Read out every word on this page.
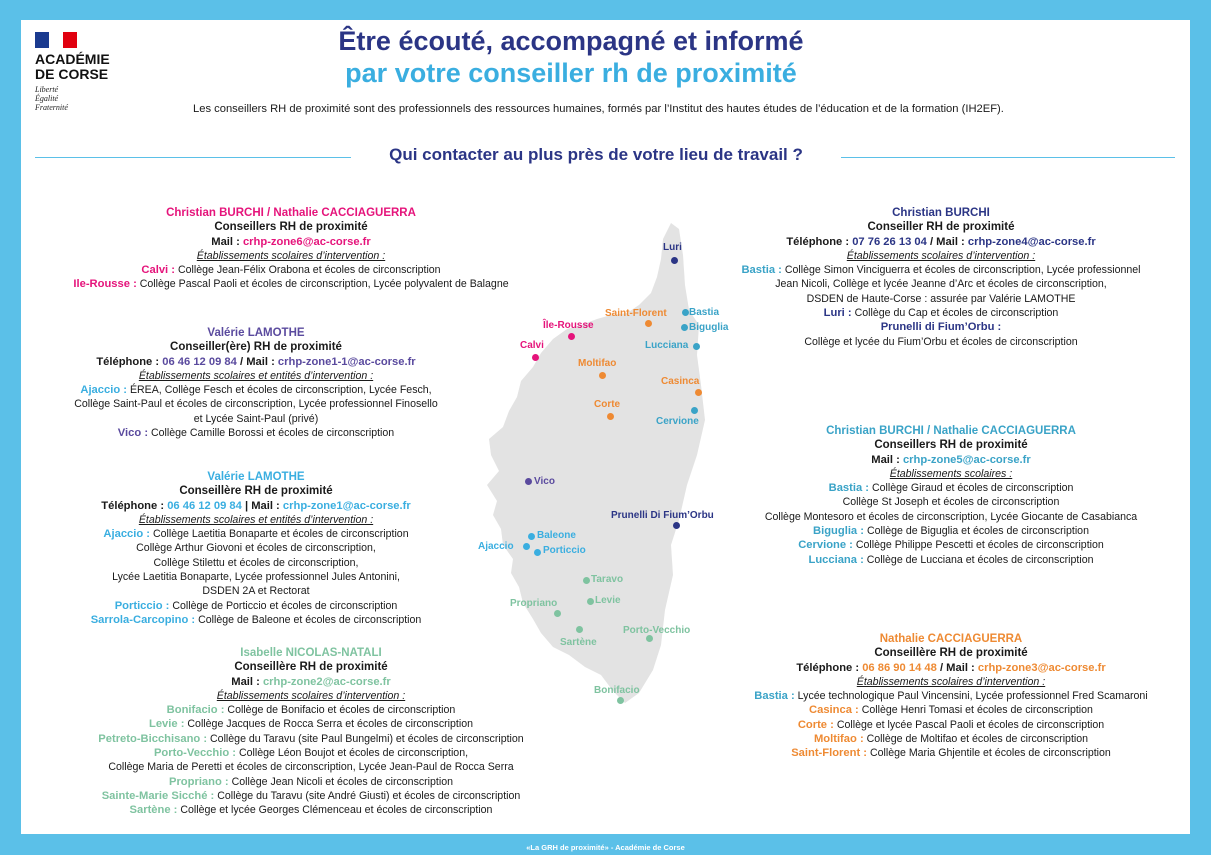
ACADÉMIE
DE CORSE
Liberté
Égalité
Fraternité
Être écouté, accompagné et informé
par votre conseiller rh de proximité
Les conseillers RH de proximité sont des professionnels des ressources humaines, formés par l’Institut des hautes études de l’éducation et de la formation (IH2EF).
Qui contacter au plus près de votre lieu de travail ?
Luri
Saint-Florent Bastia
Biguglia
Île-Rousse
Calvi	Lucciana
Moltifao
Casinca
Corte
Cervione
Vico
Prunelli Di Fium’Orbu
Baleone
Ajaccio	Porticcio
Taravo
Propriano	Levie
Sartène
Porto-Vecchio
Bonifacio
Christian BURCHI / Nathalie CACCIAGUERRA
Conseillers RH de proximité
Mail : crhp-zone6@ac-corse.fr
Établissements scolaires d’intervention :
Calvi : Collège Jean-Félix Orabona et écoles de circonscription
Ile-Rousse : Collège Pascal Paoli et écoles de circonscription, Lycée polyvalent de Balagne
Valérie LAMOTHE
Conseiller(ère) RH de proximité
Téléphone : 06 46 12 09 84 / Mail : crhp-zone1-1@ac-corse.fr
Établissements scolaires et entités d’intervention :
Ajaccio : ÉREA, Collège Fesch et écoles de circonscription, Lycée Fesch,
Collège Saint-Paul et écoles de circonscription, Lycée professionnel Finosello
et Lycée Saint-Paul (privé)
Vico : Collège Camille Borossi et écoles de circonscription
Valérie LAMOTHE
Conseillère RH de proximité
Téléphone : 06 46 12 09 84 | Mail : crhp-zone1@ac-corse.fr
Établissements scolaires et entités d’intervention :
Ajaccio : Collège Laetitia Bonaparte et écoles de circonscription
Collège Arthur Giovoni et écoles de circonscription,
Collège Stilettu et écoles de circonscription,
Lycée Laetitia Bonaparte, Lycée professionnel Jules Antonini,
DSDEN 2A et Rectorat
Porticcio : Collège de Porticcio et écoles de circonscription
Sarrola-Carcopino : Collège de Baleone et écoles de circonscription
Isabelle NICOLAS-NATALI
Conseillère RH de proximité
Mail : crhp-zone2@ac-corse.fr
Établissements scolaires d’intervention :
Bonifacio : Collège de Bonifacio et écoles de circonscription
Levie : Collège Jacques de Rocca Serra et écoles de circonscription
Petreto-Bicchisano : Collège du Taravu (site Paul Bungelmi) et écoles de circonscription
Porto-Vecchio : Collège Léon Boujot et écoles de circonscription,
Collège Maria de Peretti et écoles de circonscription, Lycée Jean-Paul de Rocca Serra
Propriano : Collège Jean Nicoli et écoles de circonscription
Sainte-Marie Sicché : Collège du Taravu (site André Giusti) et écoles de circonscription
Sartène : Collège et lycée Georges Clémenceau et écoles de circonscription
Christian BURCHI
Conseiller RH de proximité
Téléphone : 07 76 26 13 04 / Mail : crhp-zone4@ac-corse.fr
Établissements scolaires d’intervention :
Bastia : Collège Simon Vinciguerra et écoles de circonscription, Lycée professionnel
Jean Nicoli, Collège et lycée Jeanne d’Arc et écoles de circonscription,
DSDEN de Haute-Corse : assurée par Valérie LAMOTHE
Luri : Collège du Cap et écoles de circonscription
Prunelli di Fium’Orbu :
Collège et lycée du Fium’Orbu et écoles de circonscription
Christian BURCHI / Nathalie CACCIAGUERRA
Conseillers RH de proximité
Mail : crhp-zone5@ac-corse.fr
Établissements scolaires :
Bastia : Collège Giraud et écoles de circonscription
Collège St Joseph et écoles de circonscription
Collège Montesoro et écoles de circonscription, Lycée Giocante de Casabianca
Biguglia : Collège de Biguglia et écoles de circonscription
Cervione : Collège Philippe Pescetti et écoles de circonscription
Lucciana : Collège de Lucciana et écoles de circonscription
Nathalie CACCIAGUERRA
Conseillère RH de proximité
Téléphone : 06 86 90 14 48 / Mail : crhp-zone3@ac-corse.fr
Établissements scolaires d’intervention :
Bastia : Lycée technologique Paul Vincensini, Lycée professionnel Fred Scamaroni
Casinca : Collège Henri Tomasi et écoles de circonscription
Corte : Collège et lycée Pascal Paoli et écoles de circonscription
Moltifao : Collège de Moltifao et écoles de circonscription
Saint-Florent : Collège Maria Ghjentile et écoles de circonscription
«La GRH de proximité» - Académie de Corse
